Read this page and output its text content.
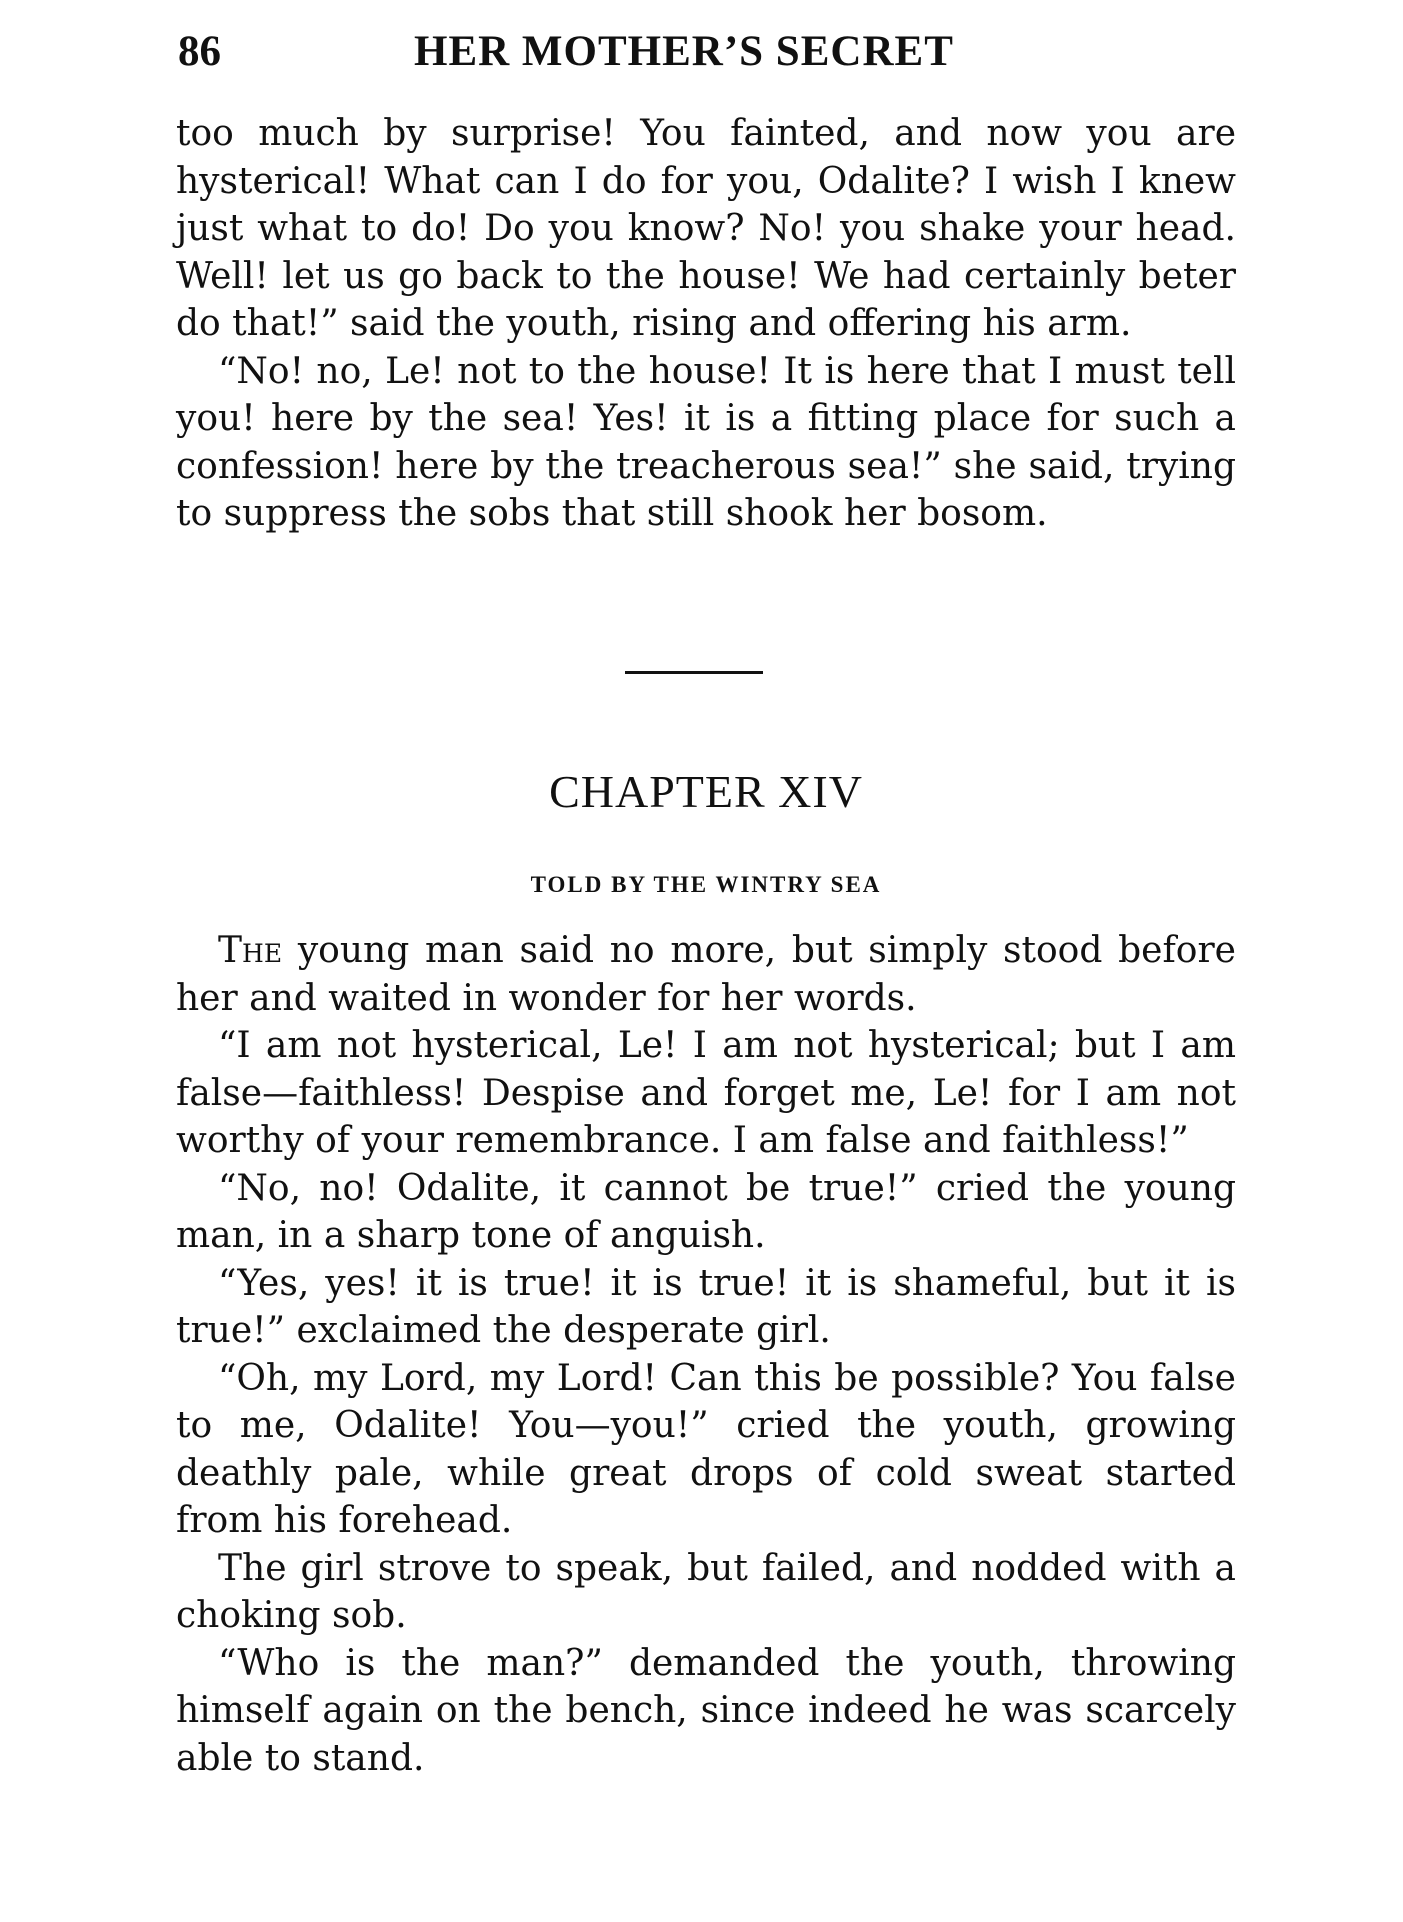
86	HER MOTHER’S SECRET

too much by surprise! You fainted, and now you are hysterical! What can I do for you, Odalite? I wish I knew just what to do! Do you know? No! you shake your head. Well! let us go back to the house! We had certainly beter do that!” said the youth, rising and offering his arm.

“No! no, Le! not to the house! It is here that I must tell you! here by the sea! Yes! it is a fitting place for such a confession! here by the treacherous sea!” she said, trying to suppress the sobs that still shook her bosom.

CHAPTER XIV
TOLD BY THE WINTRY SEA

The young man said no more, but simply stood before her and waited in wonder for her words.

“I am not hysterical, Le! I am not hysterical; but I am false—faithless! Despise and forget me, Le! for I am not worthy of your remembrance. I am false and faithless!”

“No, no! Odalite, it cannot be true!” cried the young man, in a sharp tone of anguish.

“Yes, yes! it is true! it is true! it is shameful, but it is true!” exclaimed the desperate girl.

“Oh, my Lord, my Lord! Can this be possible? You false to me, Odalite! You—you!” cried the youth, growing deathly pale, while great drops of cold sweat started from his forehead.

The girl strove to speak, but failed, and nodded with a choking sob.

“Who is the man?” demanded the youth, throwing himself again on the bench, since indeed he was scarcely able to stand.
